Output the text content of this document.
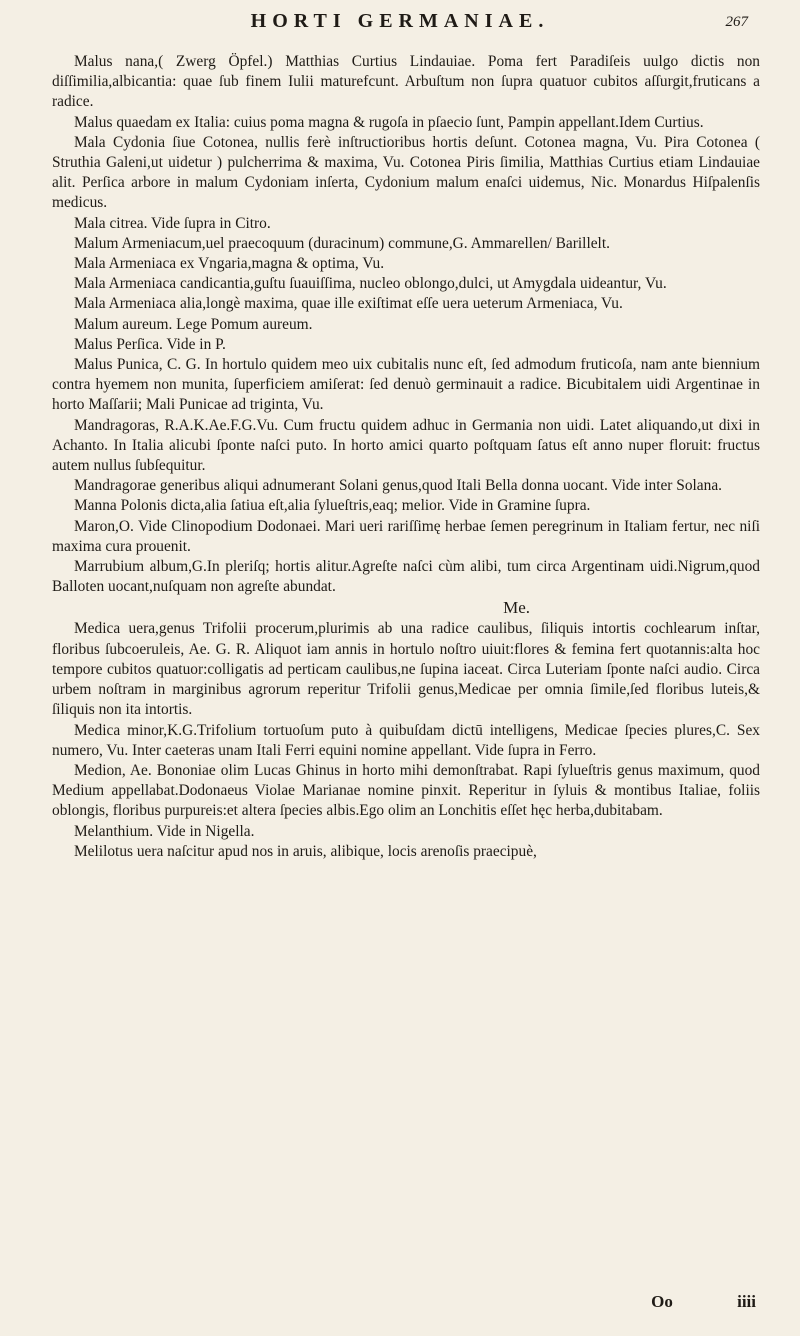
HORTI GERMANIAE.	267

Malus nana,( Zwerg Öpfel.) Matthias Curtius Lindauiae. Poma fert Paradiſeis uulgo dictis non diſſimilia,albicantia: quae ſub finem Iulii maturefcunt. Arbuſtum non ſupra quatuor cubitos aſſurgit,fruticans a radice.

Malus quaedam ex Italia: cuius poma magna & rugoſa in pſaecio ſunt, Pampin appellant.Idem Curtius.

Mala Cydonia ſiue Cotonea, nullis ferè inſtructioribus hortis deſunt. Cotonea magna, Vu. Pira Cotonea ( Struthia Galeni,ut uidetur ) pulcherrima & maxima, Vu. Cotonea Piris ſimilia, Matthias Curtius etiam Lindauiae alit. Perſica arbore in malum Cydoniam inſerta, Cydonium malum enaſci uidemus, Nic. Monardus Hiſpalenſis medicus.

Mala citrea. Vide ſupra in Citro.

Malum Armeniacum,uel praecoquum (duracinum) commune,G. Ammarellen/ Barillelt.

Mala Armeniaca ex Vngaria,magna & optima, Vu.

Mala Armeniaca candicantia,guſtu ſuauiſſima, nucleo oblongo,dulci, ut Amygdala uideantur, Vu.

Mala Armeniaca alia,longè maxima, quae ille exiſtimat eſſe uera ueterum Armeniaca, Vu.

Malum aureum. Lege Pomum aureum.

Malus Perſica. Vide in P.

Malus Punica, C. G. In hortulo quidem meo uix cubitalis nunc eſt, ſed admodum fruticoſa, nam ante biennium contra hyemem non munita, ſuperficiem amiſerat: ſed denuò germinauit a radice. Bicubitalem uidi Argentinae in horto Maſſarii; Mali Punicae ad triginta, Vu.

Mandragoras, R.A.K.Ae.F.G.Vu. Cum fructu quidem adhuc in Germania non uidi. Latet aliquando,ut dixi in Achanto. In Italia alicubi ſponte naſci puto. In horto amici quarto poſtquam ſatus eſt anno nuper floruit: fructus autem nullus ſubſequitur.

Mandragorae generibus aliqui adnumerant Solani genus,quod Itali Bella donna uocant. Vide inter Solana.

Manna Polonis dicta,alia ſatiua eſt,alia ſylueſtris,eaq; melior. Vide in Gramine ſupra.

Maron,O. Vide Clinopodium Dodonaei. Mari ueri rariſſimę herbae ſemen peregrinum in Italiam fertur, nec niſi maxima cura prouenit.

Marrubium album,G.In pleriſq; hortis alitur.Agreſte naſci cùm alibi, tum circa Argentinam uidi.Nigrum,quod Balloten uocant,nuſquam non agreſte abundat.

Me.

Medica uera,genus Trifolii procerum,plurimis ab una radice caulibus, ſiliquis intortis cochlearum inſtar, floribus ſubcoeruleis, Ae. G. R. Aliquot iam annis in hortulo noſtro uiuit:flores & femina fert quotannis:alta hoc tempore cubitos quatuor:colligatis ad perticam caulibus,ne ſupina iaceat. Circa Luteriam ſponte naſci audio. Circa urbem noſtram in marginibus agrorum reperitur Trifolii genus,Medicae per omnia ſimile,ſed floribus luteis,& ſiliquis non ita intortis.

Medica minor,K.G.Trifolium tortuoſum puto à quibuſdam dictū intelligens, Medicae ſpecies plures,C. Sex numero, Vu. Inter caeteras unam Itali Ferri equini nomine appellant. Vide ſupra in Ferro.

Medion, Ae. Bononiae olim Lucas Ghinus in horto mihi demonſtrabat. Rapi ſylueſtris genus maximum, quod Medium appellabat.Dodonaeus Violae Marianae nomine pinxit. Reperitur in ſyluis & montibus Italiae, foliis oblongis, floribus purpureis:et altera ſpecies albis.Ego olim an Lonchitis eſſet hęc herba,dubitabam.

Melanthium. Vide in Nigella.

Melilotus uera naſcitur apud nos in aruis, alibique, locis arenoſis praecipuè,

Oo	iiii
